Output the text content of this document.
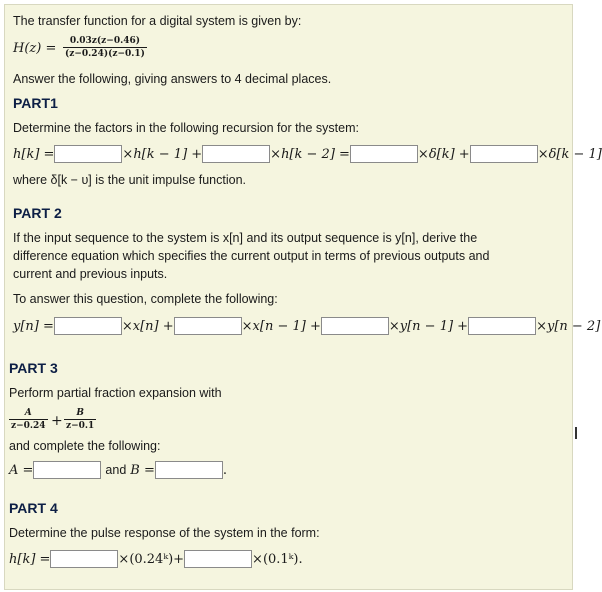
The transfer function for a digital system is given by:
H(z) = 0.03z(z−0.46)
(z−0.24)(z−0.1)
Answer the following, giving answers to 4 decimal places.
PART1
Determine the factors in the following recursion for the system:
h[k] =	×h[k − 1] +	×h[k − 2] =	×δ[k] +	×δ[k − 1]
where δ[k − υ] is the unit impulse function.
PART 2
If the input sequence to the system is x[n] and its output sequence is y[n], derive the
difference equation which specifies the current output in terms of previous outputs and
current and previous inputs.
To answer this question, complete the following:
y[n] =	×x[n] +	×x[n − 1] +	×y[n − 1] +	×y[n − 2]
PART 3
Perform partial fraction expansion with
A
z−0.24 + B
z−0.1
and complete the following:
A =	and B =	.
PART 4
Determine the pulse response of the system in the form:
h[k] =	×(0.24ᵏ)+	×(0.1ᵏ).
